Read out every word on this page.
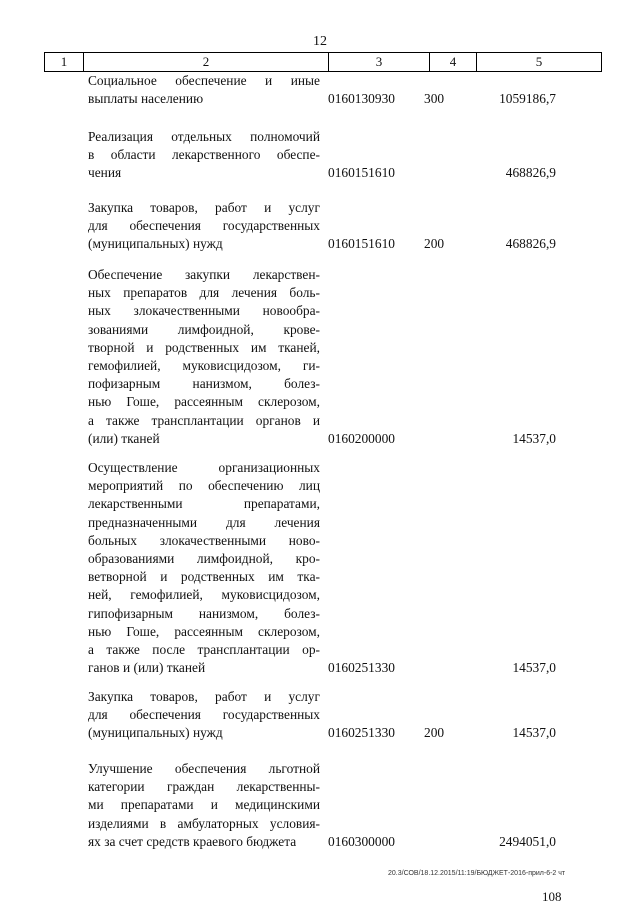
12
1	2	3	4	5
Социальное обеспечение и иные
выплаты населению	0160130930 300	1059186,7
Реализация отдельных полномочий
в области лекарственного обеспе-
чения	0160151610	468826,9
Закупка товаров, работ и услуг
для обеспечения государственных
(муниципальных) нужд	0160151610 200	468826,9
Обеспечение закупки лекарствен-
ных препаратов для лечения боль-
ных злокачественными новообра-
зованиями лимфоидной, крове-
творной и родственных им тканей,
гемофилией, муковисцидозом, ги-
пофизарным нанизмом, болез-
нью Гоше, рассеянным склерозом,
а также трансплантации органов и
(или) тканей	0160200000	14537,0
Осуществление организационных
мероприятий по обеспечению лиц
лекарственными препаратами,
предназначенными для лечения
больных злокачественными ново-
образованиями лимфоидной, кро-
ветворной и родственных им тка-
ней, гемофилией, муковисцидозом,
гипофизарным нанизмом, болез-
нью Гоше, рассеянным склерозом,
а также после трансплантации ор-
ганов и (или) тканей	0160251330	14537,0
Закупка товаров, работ и услуг
для обеспечения государственных
(муниципальных) нужд	0160251330 200	14537,0
Улучшение обеспечения льготной
категории граждан лекарственны-
ми препаратами и медицинскими
изделиями в амбулаторных условия-
ях за счет средств краевого бюджета	0160300000	2494051,0
20.3/СОВ/18.12.2015/11:19/БЮДЖЕТ-2016-прил-6-2 чт
108
